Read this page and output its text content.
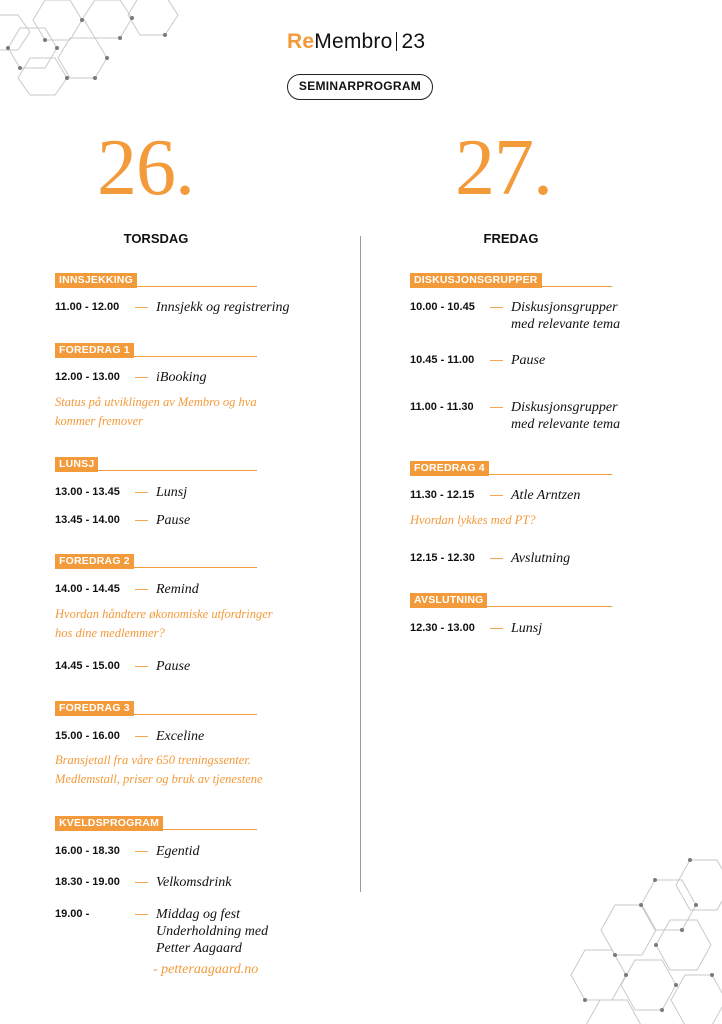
ReMembro 23
SEMINARPROGRAM
26.	27.
TORSDAG	FREDAG
INNSJEKKING
11.00 - 12.00 — Innsjekk og registrering
FOREDRAG 1
12.00 - 13.00 — iBooking
Status på utviklingen av Membro og hva
kommer fremover
LUNSJ
13.00 - 13.45 — Lunsj
13.45 - 14.00 — Pause
FOREDRAG 2
14.00 - 14.45 — Remind
Hvordan håndtere økonomiske utfordringer
hos dine medlemmer?
14.45 - 15.00 — Pause
FOREDRAG 3
15.00 - 16.00 — Exceline
Bransjetall fra våre 650 treningssenter.
Medlemstall, priser og bruk av tjenestene
KVELDSPROGRAM
16.00 - 18.30 — Egentid
18.30 - 19.00 — Velkomsdrink
19.00 -	— Middag og fest
Underholdning med
Petter Aagaard
- petteraagaard.no
DISKUSJONSGRUPPER
10.00 - 10.45 — Diskusjonsgrupper
med relevante tema
10.45 - 11.00 — Pause
11.00 - 11.30 — Diskusjonsgrupper
med relevante tema
FOREDRAG 4
11.30 - 12.15 — Atle Arntzen
Hvordan lykkes med PT?
12.15 - 12.30 — Avslutning
AVSLUTNING
12.30 - 13.00 — Lunsj
